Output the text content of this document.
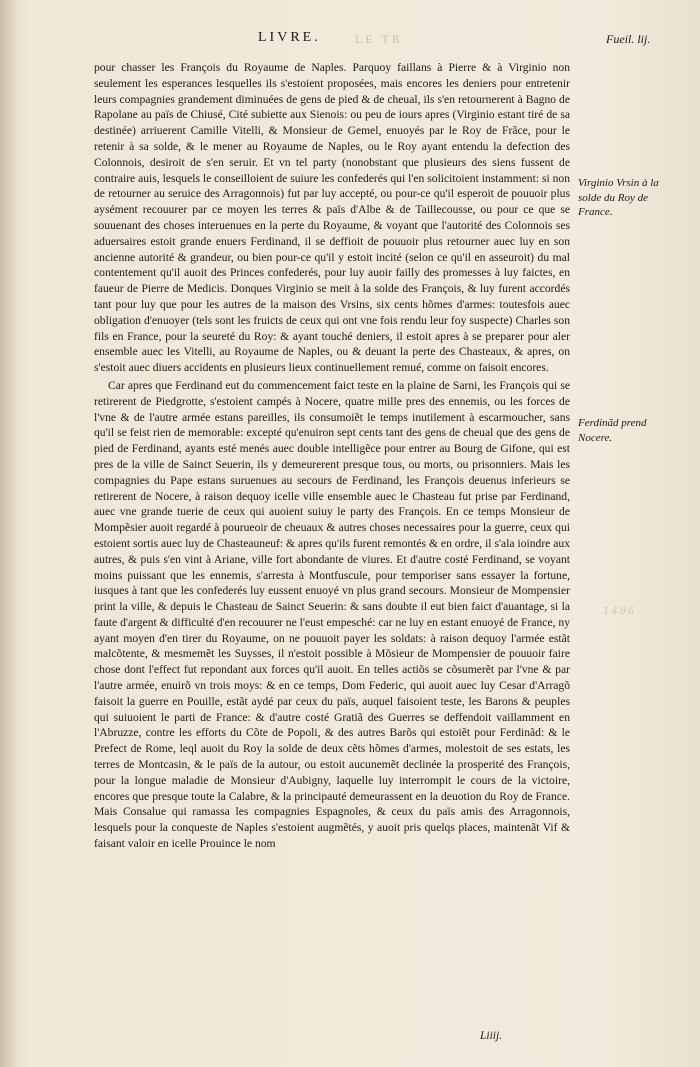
LIVRE.	LE TR	Fueil. lij.

pour chasser les François du Royaume de Naples. Parquoy faillans à Pierre & à Virginio non seulement les esperances lesquelles ils s'estoient proposées, mais encores les deniers pour entretenir leurs compagnies grandement diminuées de gens de pied & de cheual, ils s'en retournerent à Bagno de Rapolane au païs de Chiusé, Cité subiette aux Sienois: ou peu de iours apres (Virginio estant tiré de sa destinée) arriuerent Camille Vitelli, & Monsieur de Gemel, enuoyés par le Roy de Frãce, pour le retenir à sa solde, & le mener au Royaume de Naples, ou le Roy ayant entendu la defection des Colonnois, desiroit de s'en seruir. Et vn tel party (nonobstant que plusieurs des siens fussent de contraire auis, lesquels le conseilloient de suiure les confederés qui l'en solicitoient instamment: si non de retourner au seruice des Arragonnois) fut par luy accepté, ou pour-ce qu'il esperoit de pouuoir plus aysément recouurer par ce moyen les terres & païs d'Albe & de Taillecousse, ou pour ce que se souuenant des choses interuenues en la perte du Royaume, & voyant que l'autorité des Colonnois ses aduersaires estoit grande enuers Ferdinand, il se deffioit de pouuoir plus retourner auec luy en son ancienne autorité & grandeur, ou bien pour-ce qu'il y estoit incité (selon ce qu'il en asseuroit) du mal contentement qu'il auoit des Princes confederés, pour luy auoir failly des promesses à luy faictes, en faueur de Pierre de Medicis. Donques Virginio se meit à la solde des François, & luy furent accordés tant pour luy que pour les autres de la maison des Vrsins, six cents hõmes d'armes: toutesfois auec obligation d'enuoyer (tels sont les fruicts de ceux qui ont vne fois rendu leur foy suspecte) Charles son fils en France, pour la seureté du Roy: & ayant touché deniers, il estoit apres à se preparer pour aler ensemble auec les Vitelli, au Royaume de Naples, ou & deuant la perte des Chasteaux, & apres, on s'estoit auec diuers accidents en plusieurs lieux continuellement remué, comme on faisoit encores.

Car apres que Ferdinand eut du commencement faict teste en la plaine de Sarni, les François qui se retirerent de Piedgrotte, s'estoient campés à Nocere, quatre mille pres des ennemis, ou les forces de l'vne & de l'autre armée estans pareilles, ils consumoiẽt le temps inutilement à escarmoucher, sans qu'il se feist rien de memorable: excepté qu'enuiron sept cents tant des gens de cheual que des gens de pied de Ferdinand, ayants esté menés auec double intelligẽce pour entrer au Bourg de Gifone, qui est pres de la ville de Sainct Seuerin, ils y demeurerent presque tous, ou morts, ou prisonniers. Mais les compagnies du Pape estans suruenues au secours de Ferdinand, les François deuenus inferieurs se retirerent de Nocere, à raison dequoy icelle ville ensemble auec le Chasteau fut prise par Ferdinand, auec vne grande tuerie de ceux qui auoient suiuy le party des François. En ce temps Monsieur de Mompẽsier auoit regardé à pourueoir de cheuaux & autres choses necessaires pour la guerre, ceux qui estoient sortis auec luy de Chasteauneuf: & apres qu'ils furent remontés & en ordre, il s'ala ioindre aux autres, & puis s'en vint à Ariane, ville fort abondante de viures. Et d'autre costé Ferdinand, se voyant moins puissant que les ennemis, s'arresta à Montfuscule, pour temporiser sans essayer la fortune, iusques à tant que les confederés luy eussent enuoyé vn plus grand secours. Monsieur de Mompensier print la ville, & depuis le Chasteau de Sainct Seuerin: & sans doubte il eut bien faict d'auantage, si la faute d'argent & difficulté d'en recouurer ne l'eust empesché: car ne luy en estant enuoyé de France, ny ayant moyen d'en tirer du Royaume, on ne pouuoit payer les soldats: à raison dequoy l'armée estãt malcõtente, & mesmemẽt les Suysses, il n'estoit possible à Mõsieur de Mompensier de pouuoir faire chose dont l'effect fut repondant aux forces qu'il auoit. En telles actiõs se cõsumerẽt par l'vne & par l'autre armée, enuirõ vn trois moys: & en ce temps, Dom Federic, qui auoit auec luy Cesar d'Arragõ faisoit la guerre en Pouille, estãt aydé par ceux du païs, auquel faisoient teste, les Barons & peuples qui suiuoient le parti de France: & d'autre costé Gratiã des Guerres se deffendoit vaillamment en l'Abruzze, contre les efforts du Cõte de Popoli, & des autres Barõs qui estoiẽt pour Ferdinãd: & le Prefect de Rome, leql auoit du Roy la solde de deux cẽts hõmes d'armes, molestoit de ses estats, les terres de Montcasin, & le païs de la autour, ou estoit aucunemẽt declinée la prosperité des François, pour la longue maladie de Monsieur d'Aubigny, laquelle luy interrompit le cours de la victoire, encores que presque toute la Calabre, & la principauté demeurassent en la deuotion du Roy de France. Mais Consalue qui ramassa les compagnies Espagnoles, & ceux du païs amis des Arragonnois, lesquels pour la conqueste de Naples s'estoient augmẽtés, y auoit pris quelqs places, maintenãt Vif & faisant valoir en icelle Prouince le nom

Virginio Vrsin à la solde du Roy de France.
Ferdinãd prend Nocere.
1496
Liiij.
